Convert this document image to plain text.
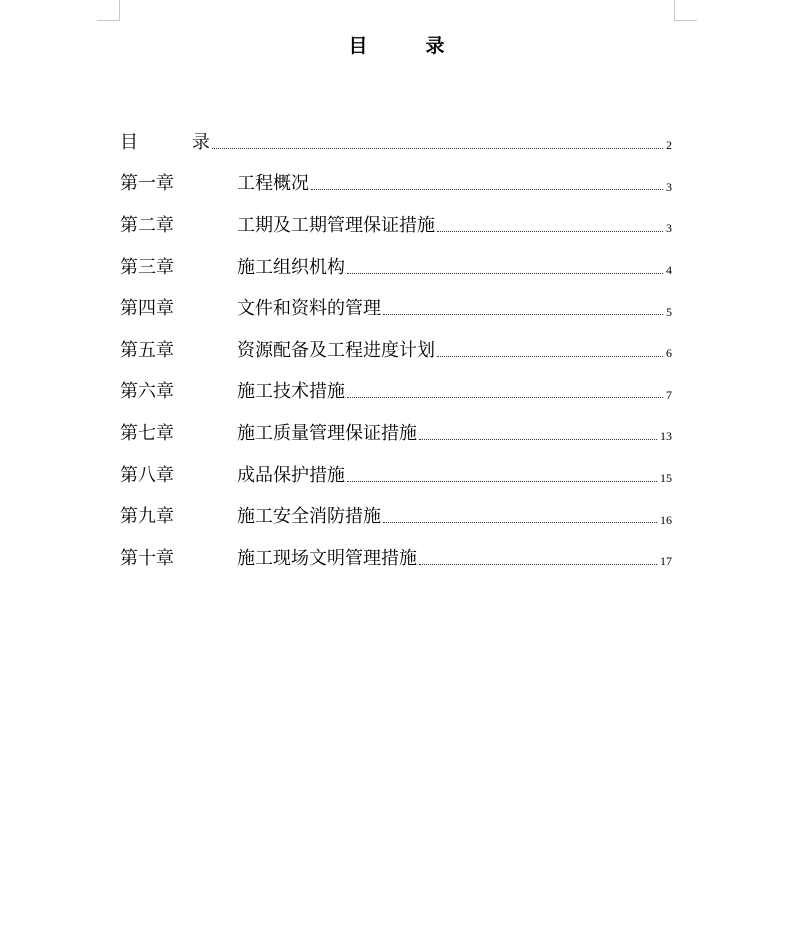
目	录
目	录	2
第一章	工程概况	3
第二章	工期及工期管理保证措施	3
第三章	施工组织机构	4
第四章	文件和资料的管理	5
第五章	资源配备及工程进度计划	6
第六章	施工技术措施	7
第七章	施工质量管理保证措施	13
第八章	成品保护措施	15
第九章	施工安全消防措施	16
第十章	施工现场文明管理措施	17
